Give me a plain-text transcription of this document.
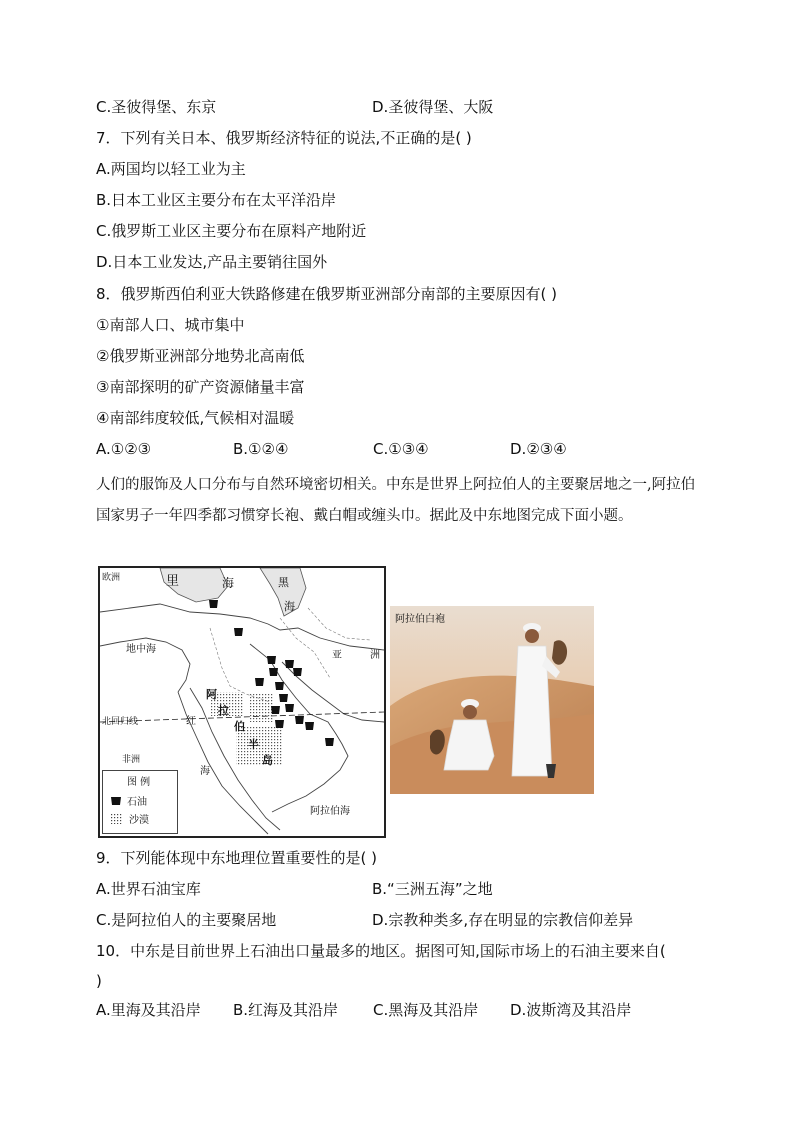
C.圣彼得堡、东京	D.圣彼得堡、大阪
7．下列有关日本、俄罗斯经济特征的说法,不正确的是( )
A.两国均以轻工业为主
B.日本工业区主要分布在太平洋沿岸
C.俄罗斯工业区主要分布在原料产地附近
D.日本工业发达,产品主要销往国外
8．俄罗斯西伯利亚大铁路修建在俄罗斯亚洲部分南部的主要原因有( )
①南部人口、城市集中
②俄罗斯亚洲部分地势北高南低
③南部探明的矿产资源储量丰富
④南部纬度较低,气候相对温暖
A.①②③	B.①②④	C.①③④	D.②③④
人们的服饰及人口分布与自然环境密切相关。中东是世界上阿拉伯人的主要聚居地之一,阿拉伯国家男子一年四季都习惯穿长袍、戴白帽或缠头巾。据此及中东地图完成下面小题。
欧洲	里	海	黑
海
地中海
亚	洲
阿
拉
伯
半
岛
北回归线	红
海
非洲
阿拉伯海
图 例
石油
沙漠
阿拉伯白袍
9．下列能体现中东地理位置重要性的是( )
A.世界石油宝库	B.“三洲五海”之地
C.是阿拉伯人的主要聚居地	D.宗教种类多,存在明显的宗教信仰差异
10．中东是目前世界上石油出口量最多的地区。据图可知,国际市场上的石油主要来自(
)
A.里海及其沿岸 B.红海及其沿岸 C.黑海及其沿岸 D.波斯湾及其沿岸
